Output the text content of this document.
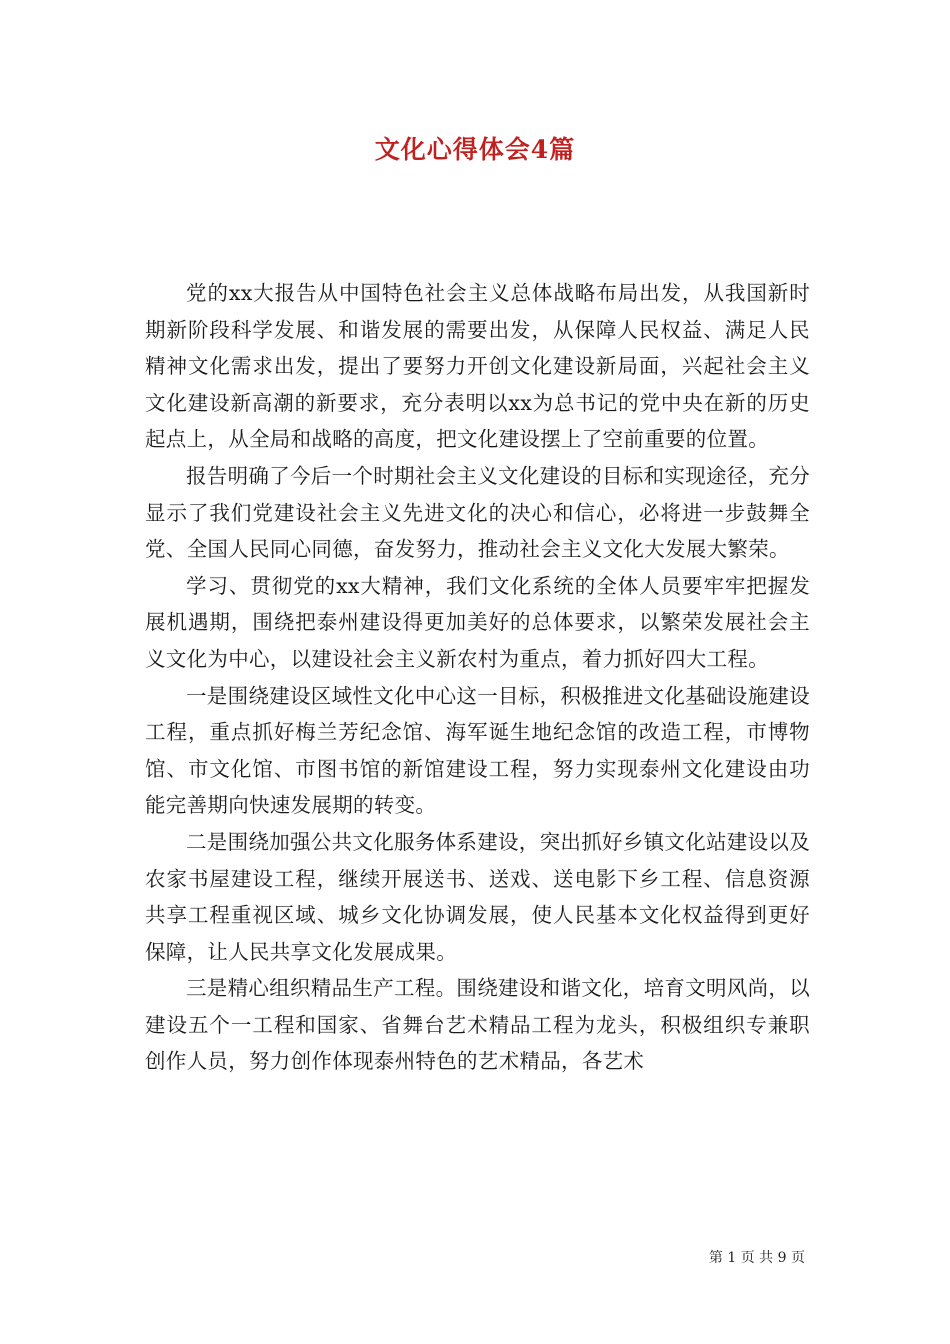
文化心得体会4篇

党的xx大报告从中国特色社会主义总体战略布局出发，从我国新时期新阶段科学发展、和谐发展的需要出发，从保障人民权益、满足人民精神文化需求出发，提出了要努力开创文化建设新局面，兴起社会主义文化建设新高潮的新要求，充分表明以xx为总书记的党中央在新的历史起点上，从全局和战略的高度，把文化建设摆上了空前重要的位置。

报告明确了今后一个时期社会主义文化建设的目标和实现途径，充分显示了我们党建设社会主义先进文化的决心和信心，必将进一步鼓舞全党、全国人民同心同德，奋发努力，推动社会主义文化大发展大繁荣。

学习、贯彻党的xx大精神，我们文化系统的全体人员要牢牢把握发展机遇期，围绕把泰州建设得更加美好的总体要求，以繁荣发展社会主义文化为中心，以建设社会主义新农村为重点，着力抓好四大工程。

一是围绕建设区域性文化中心这一目标，积极推进文化基础设施建设工程，重点抓好梅兰芳纪念馆、海军诞生地纪念馆的改造工程，市博物馆、市文化馆、市图书馆的新馆建设工程，努力实现泰州文化建设由功能完善期向快速发展期的转变。

二是围绕加强公共文化服务体系建设，突出抓好乡镇文化站建设以及农家书屋建设工程，继续开展送书、送戏、送电影下乡工程、信息资源共享工程重视区域、城乡文化协调发展，使人民基本文化权益得到更好保障，让人民共享文化发展成果。

三是精心组织精品生产工程。围绕建设和谐文化，培育文明风尚，以建设五个一工程和国家、省舞台艺术精品工程为龙头，积极组织专兼职创作人员，努力创作体现泰州特色的艺术精品，各艺术

第 1 页 共 9 页
